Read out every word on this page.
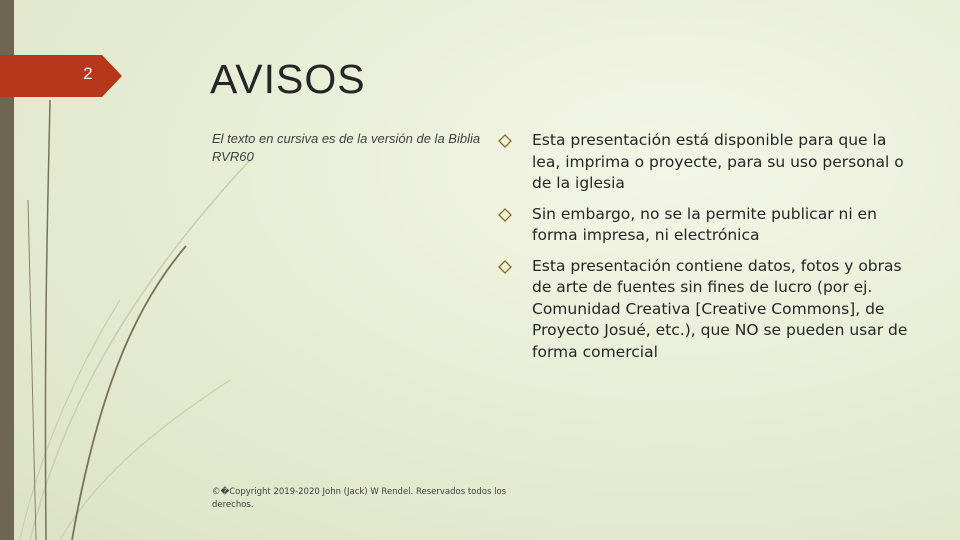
2	AVISOS
El texto en cursiva es de la versión de la Biblia RVR60
Esta presentación está disponible para que la lea, imprima o proyecte, para su uso personal o de la iglesia
Sin embargo, no se la permite publicar ni en forma impresa, ni electrónica
Esta presentación contiene datos, fotos y obras de arte de fuentes sin fines de lucro (por ej. Comunidad Creativa [Creative Commons], de Proyecto Josué, etc.), que NO se pueden usar de forma comercial
©�Copyright 2019-2020 John (Jack) W Rendel. Reservados todos los derechos.
